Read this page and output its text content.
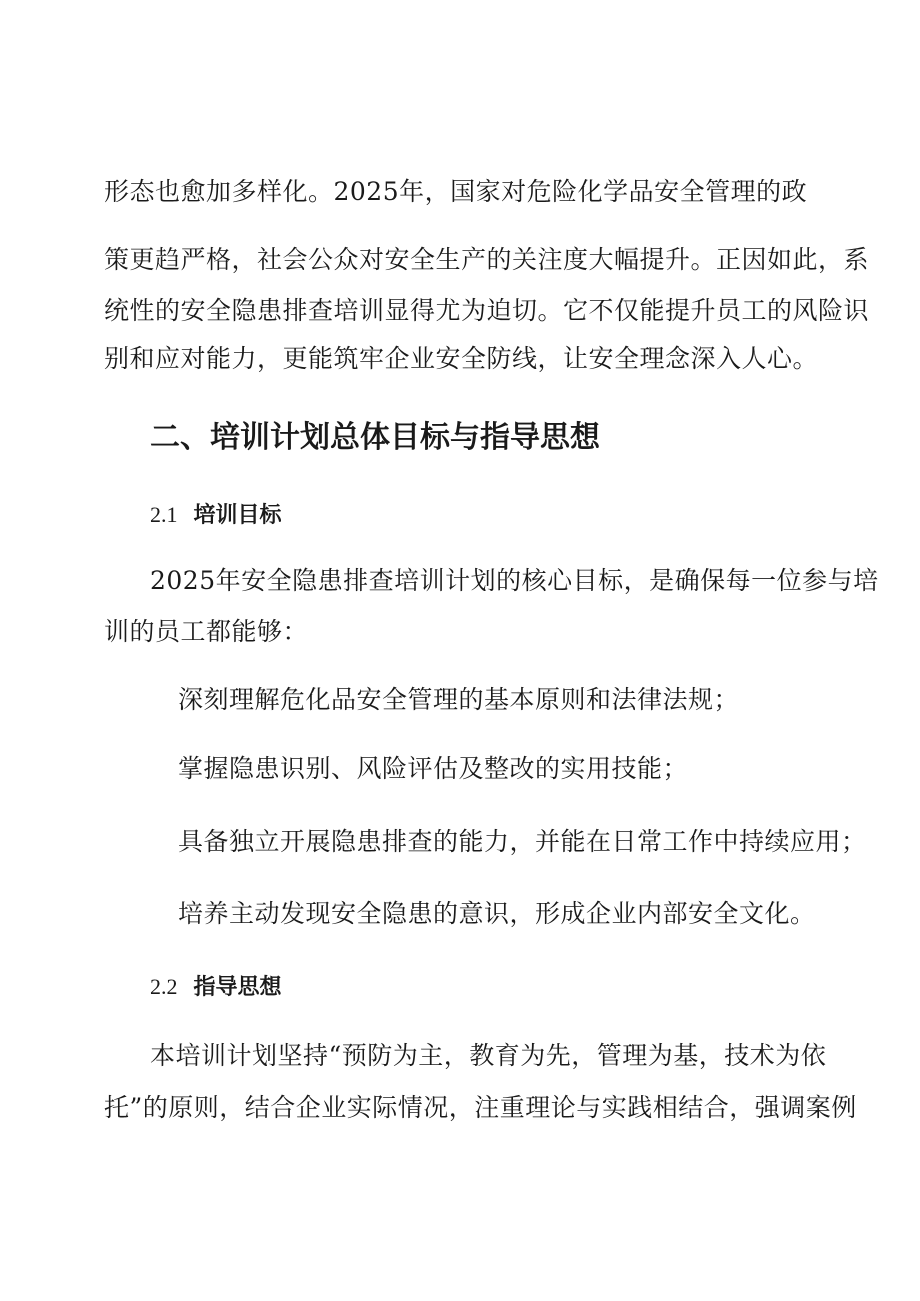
形态也愈加多样化。2025年，国家对危险化学品安全管理的政
策更趋严格，社会公众对安全生产的关注度大幅提升。正因如此，系
统性的安全隐患排查培训显得尤为迫切。它不仅能提升员工的风险识
别和应对能力，更能筑牢企业安全防线，让安全理念深入人心。
二、培训计划总体目标与指导思想
2.1 培训目标
2025年安全隐患排查培训计划的核心目标，是确保每一位参与培
训的员工都能够：
深刻理解危化品安全管理的基本原则和法律法规；
掌握隐患识别、风险评估及整改的实用技能；
具备独立开展隐患排查的能力，并能在日常工作中持续应用；
培养主动发现安全隐患的意识，形成企业内部安全文化。
2.2 指导思想
本培训计划坚持“预防为主，教育为先，管理为基，技术为依
托”的原则，结合企业实际情况，注重理论与实践相结合，强调案例
